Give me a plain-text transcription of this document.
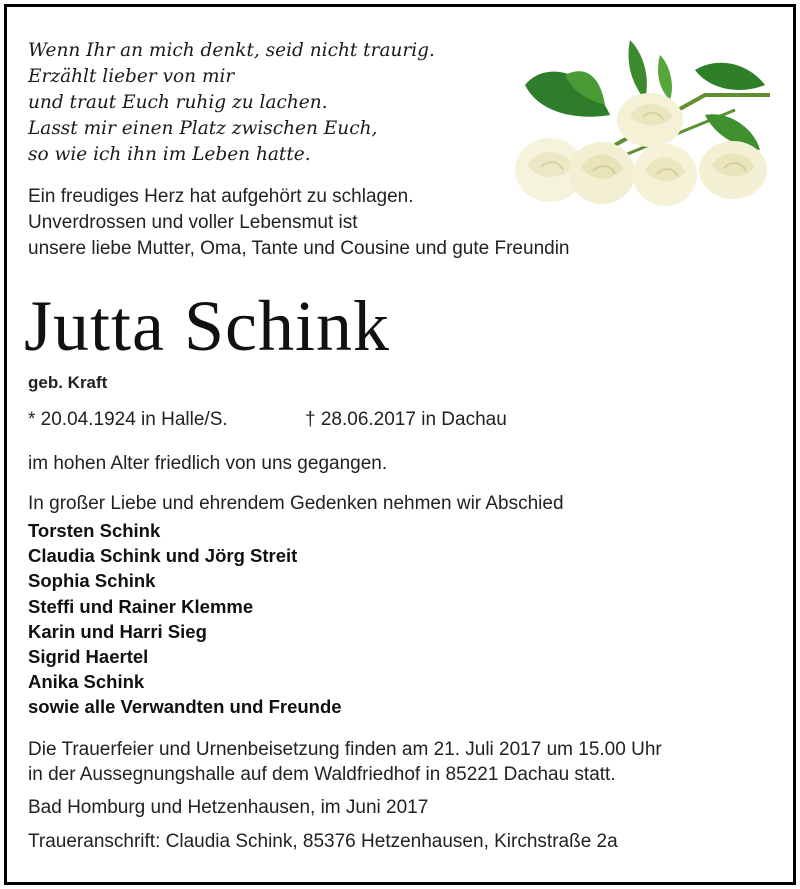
Wenn Ihr an mich denkt, seid nicht traurig.
Erzählt lieber von mir
und traut Euch ruhig zu lachen.
Lasst mir einen Platz zwischen Euch,
so wie ich ihn im Leben hatte.
Ein freudiges Herz hat aufgehört zu schlagen.
Unverdrossen und voller Lebensmut ist
unsere liebe Mutter, Oma, Tante und Cousine und gute Freundin
Jutta Schink
geb. Kraft
* 20.04.1924 in Halle/S.	† 28.06.2017 in Dachau
im hohen Alter friedlich von uns gegangen.
In großer Liebe und ehrendem Gedenken nehmen wir Abschied
Torsten Schink
Claudia Schink und Jörg Streit
Sophia Schink
Steffi und Rainer Klemme
Karin und Harri Sieg
Sigrid Haertel
Anika Schink
sowie alle Verwandten und Freunde
Die Trauerfeier und Urnenbeisetzung finden am 21. Juli 2017 um 15.00 Uhr
in der Aussegnungshalle auf dem Waldfriedhof in 85221 Dachau statt.
Bad Homburg und Hetzenhausen, im Juni 2017
Traueranschrift: Claudia Schink, 85376 Hetzenhausen, Kirchstraße 2a
